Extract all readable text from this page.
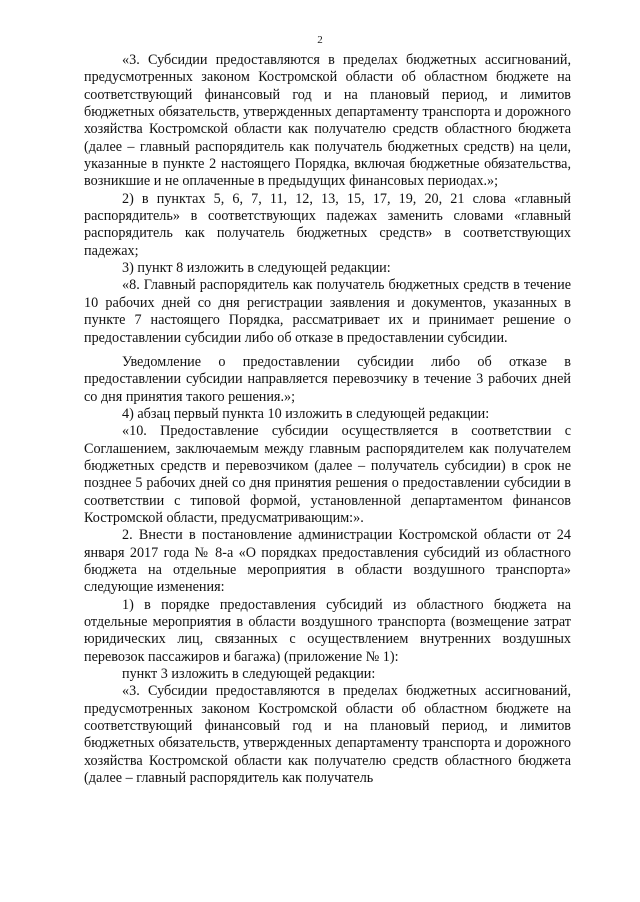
2

«3. Субсидии предоставляются в пределах бюджетных ассигнований, предусмотренных законом Костромской области об областном бюджете на соответствующий финансовый год и на плановый период, и лимитов бюджетных обязательств, утвержденных департаменту транспорта и дорожного хозяйства Костромской области как получателю средств областного бюджета (далее – главный распорядитель как получатель бюджетных средств) на цели, указанные в пункте 2 настоящего Порядка, включая бюджетные обязательства, возникшие и не оплаченные в предыдущих финансовых периодах.»;

2) в пунктах 5, 6, 7, 11, 12, 13, 15, 17, 19, 20, 21 слова «главный распорядитель» в соответствующих падежах заменить словами «главный распорядитель как получатель бюджетных средств» в соответствующих падежах;

3) пункт 8 изложить в следующей редакции:

«8. Главный распорядитель как получатель бюджетных средств в течение 10 рабочих дней со дня регистрации заявления и документов, указанных в пункте 7 настоящего Порядка, рассматривает их и принимает решение о предоставлении субсидии либо об отказе в предоставлении субсидии.

Уведомление о предоставлении субсидии либо об отказе в предоставлении субсидии направляется перевозчику в течение 3 рабочих дней со дня принятия такого решения.»;

4) абзац первый пункта 10 изложить в следующей редакции:

«10. Предоставление субсидии осуществляется в соответствии с Соглашением, заключаемым между главным распорядителем как получателем бюджетных средств и перевозчиком (далее – получатель субсидии) в срок не позднее 5 рабочих дней со дня принятия решения о предоставлении субсидии в соответствии с типовой формой, установленной департаментом финансов Костромской области, предусматривающим:».

2. Внести в постановление администрации Костромской области от 24 января 2017 года № 8-а «О порядках предоставления субсидий из областного бюджета на отдельные мероприятия в области воздушного транспорта» следующие изменения:

1) в порядке предоставления субсидий из областного бюджета на отдельные мероприятия в области воздушного транспорта (возмещение затрат юридических лиц, связанных с осуществлением внутренних воздушных перевозок пассажиров и багажа) (приложение № 1):

пункт 3 изложить в следующей редакции:

«3. Субсидии предоставляются в пределах бюджетных ассигнований, предусмотренных законом Костромской области об областном бюджете на соответствующий финансовый год и на плановый период, и лимитов бюджетных обязательств, утвержденных департаменту транспорта и дорожного хозяйства Костромской области как получателю средств областного бюджета (далее – главный распорядитель как получатель
